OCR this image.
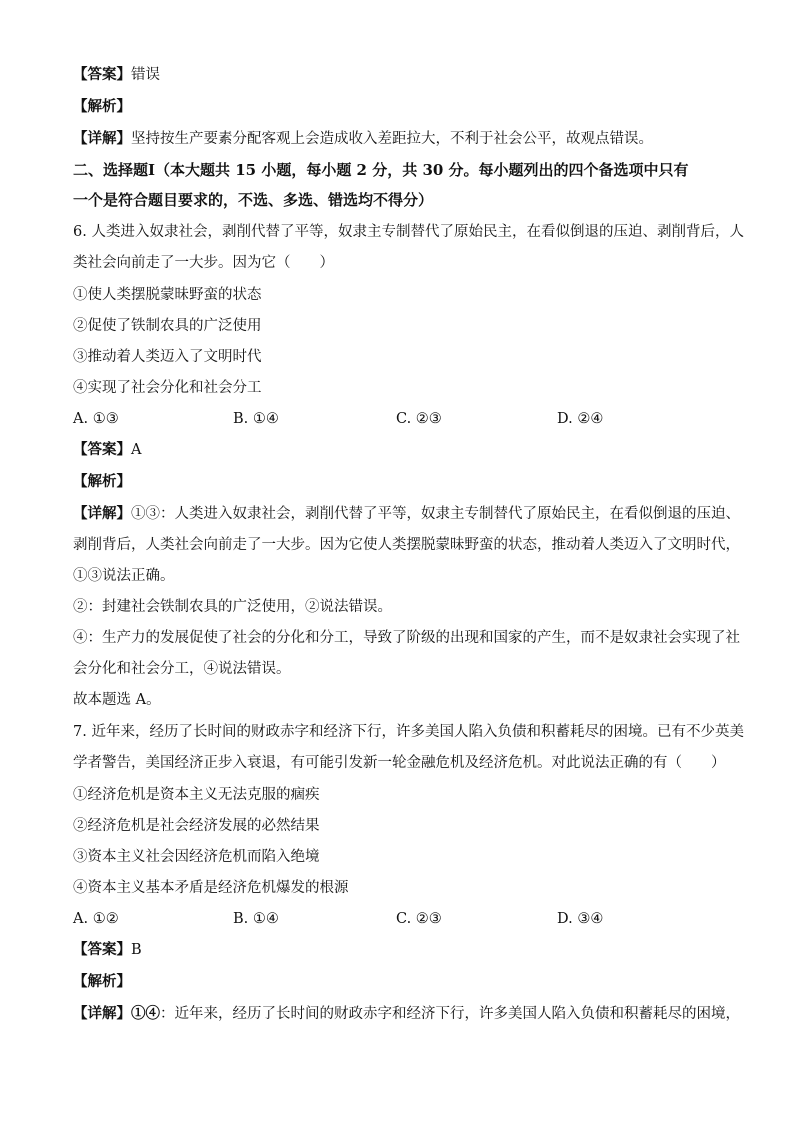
【答案】错误
【解析】
【详解】坚持按生产要素分配客观上会造成收入差距拉大，不利于社会公平，故观点错误。
二、选择题Ⅰ（本大题共 15 小题，每小题 2 分，共 30 分。每小题列出的四个备选项中只有
一个是符合题目要求的，不选、多选、错选均不得分）
6. 人类进入奴隶社会，剥削代替了平等，奴隶主专制替代了原始民主，在看似倒退的压迫、剥削背后，人
类社会向前走了一大步。因为它（　　）
①使人类摆脱蒙昧野蛮的状态
②促使了铁制农具的广泛使用
③推动着人类迈入了文明时代
④实现了社会分化和社会分工
A. ①③	B. ①④	C. ②③	D. ②④
【答案】A
【解析】
【详解】①③：人类进入奴隶社会，剥削代替了平等，奴隶主专制替代了原始民主，在看似倒退的压迫、
剥削背后，人类社会向前走了一大步。因为它使人类摆脱蒙昧野蛮的状态，推动着人类迈入了文明时代，
①③说法正确。
②：封建社会铁制农具的广泛使用，②说法错误。
④：生产力的发展促使了社会的分化和分工，导致了阶级的出现和国家的产生，而不是奴隶社会实现了社
会分化和社会分工，④说法错误。
故本题选 A。
7. 近年来，经历了长时间的财政赤字和经济下行，许多美国人陷入负债和积蓄耗尽的困境。已有不少英美
学者警告，美国经济正步入衰退，有可能引发新一轮金融危机及经济危机。对此说法正确的有（　　）
①经济危机是资本主义无法克服的痼疾
②经济危机是社会经济发展的必然结果
③资本主义社会因经济危机而陷入绝境
④资本主义基本矛盾是经济危机爆发的根源
A. ①②	B. ①④	C. ②③	D. ③④
【答案】B
【解析】
【详解】①④：近年来，经历了长时间的财政赤字和经济下行，许多美国人陷入负债和积蓄耗尽的困境，
